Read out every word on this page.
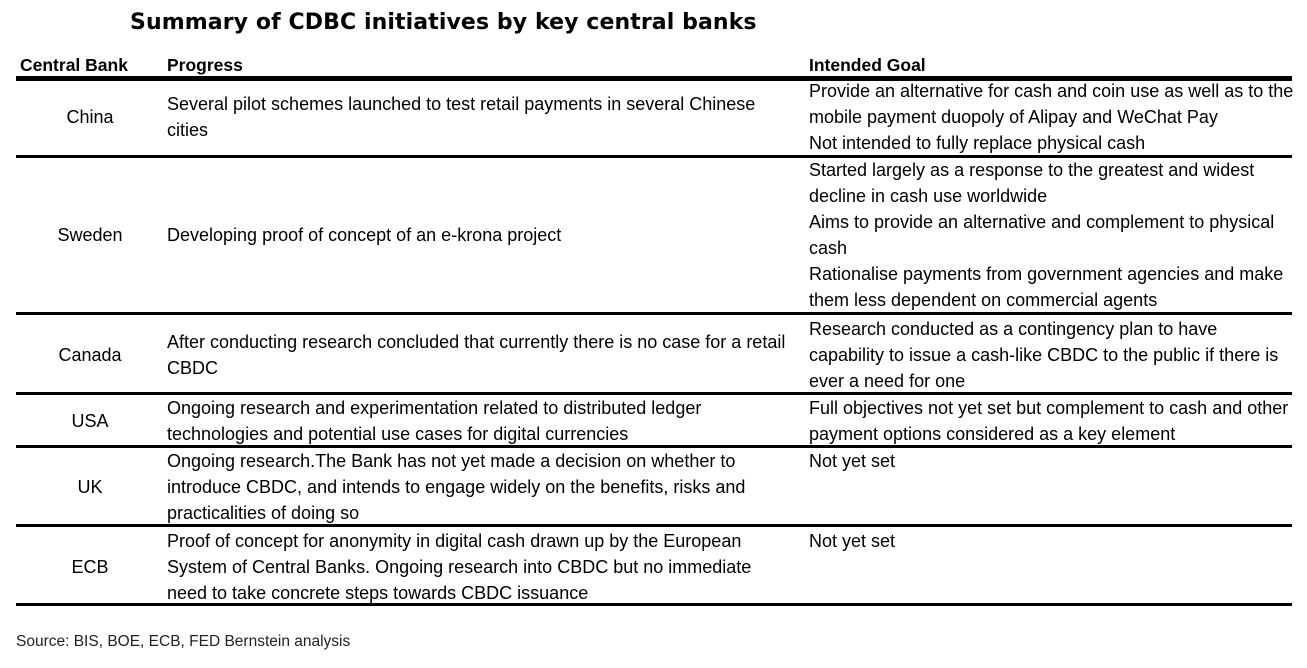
Summary of CDBC initiatives by key central banks
Central Bank Progress	Intended Goal
China

Several pilot schemes launched to test retail payments in several Chinese cities

Provide an alternative for cash and coin use as well as to the mobile payment duopoly of Alipay and WeChat Pay

Not intended to fully replace physical cash

Sweden	Developing proof of concept of an e-krona project

Started largely as a response to the greatest and widest decline in cash use worldwide

Aims to provide an alternative and complement to physical cash

Rationalise payments from government agencies and make them less dependent on commercial agents

Canada

After conducting research concluded that currently there is no case for a retail CBDC

Research conducted as a contingency plan to have capability to issue a cash-like CBDC to the public if there is ever a need for one

USA

Ongoing research and experimentation related to distributed ledger technologies and potential use cases for digital currencies

Full objectives not yet set but complement to cash and other payment options considered as a key element

UK

Ongoing research.The Bank has not yet made a decision on whether to introduce CBDC, and intends to engage widely on the benefits, risks and practicalities of doing so

Not yet set

ECB

Proof of concept for anonymity in digital cash drawn up by the European System of Central Banks. Ongoing research into CBDC but no immediate need to take concrete steps towards CBDC issuance

Not yet set

Source: BIS, BOE, ECB, FED Bernstein analysis
